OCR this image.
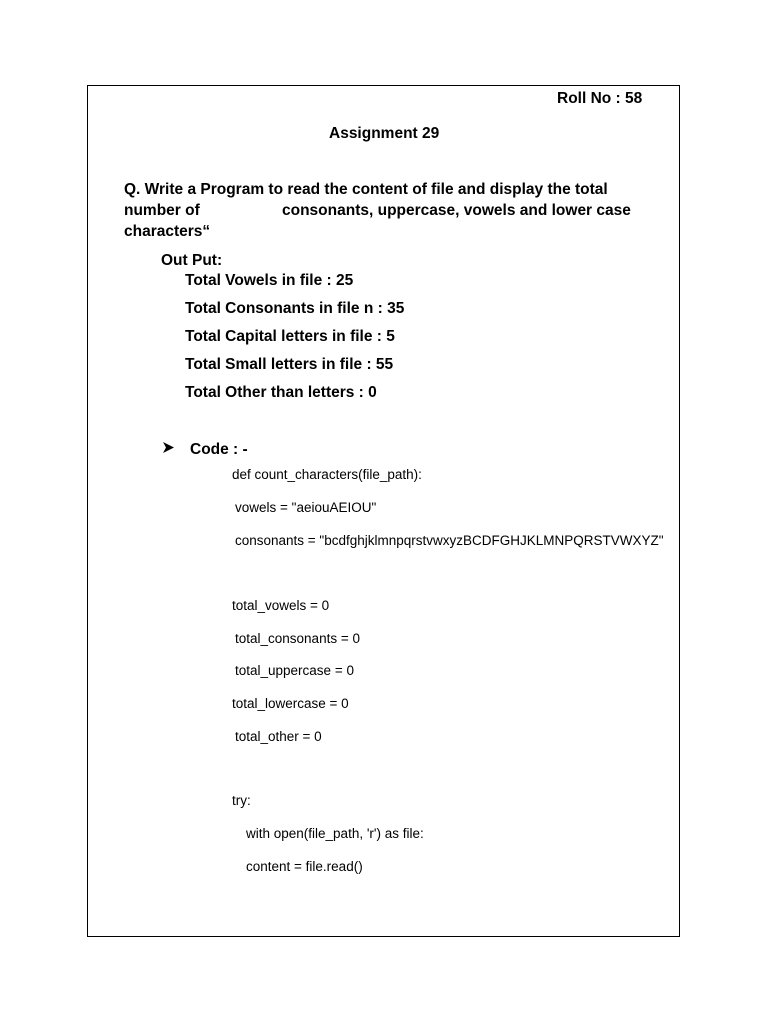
Roll No : 58
Assignment 29
Q. Write a Program to read the content of file and display the total
number of	consonants, uppercase, vowels and lower case
characters“
Out Put:
Total Vowels in file : 25
Total Consonants in file n : 35
Total Capital letters in file : 5
Total Small letters in file : 55
Total Other than letters : 0
Code : -
def count_characters(file_path):
vowels = "aeiouAEIOU"
consonants = "bcdfghjklmnpqrstvwxyzBCDFGHJKLMNPQRSTVWXYZ"
total_vowels = 0
total_consonants = 0
total_uppercase = 0
total_lowercase = 0
total_other = 0
try:
with open(file_path, 'r') as file:
content = file.read()
